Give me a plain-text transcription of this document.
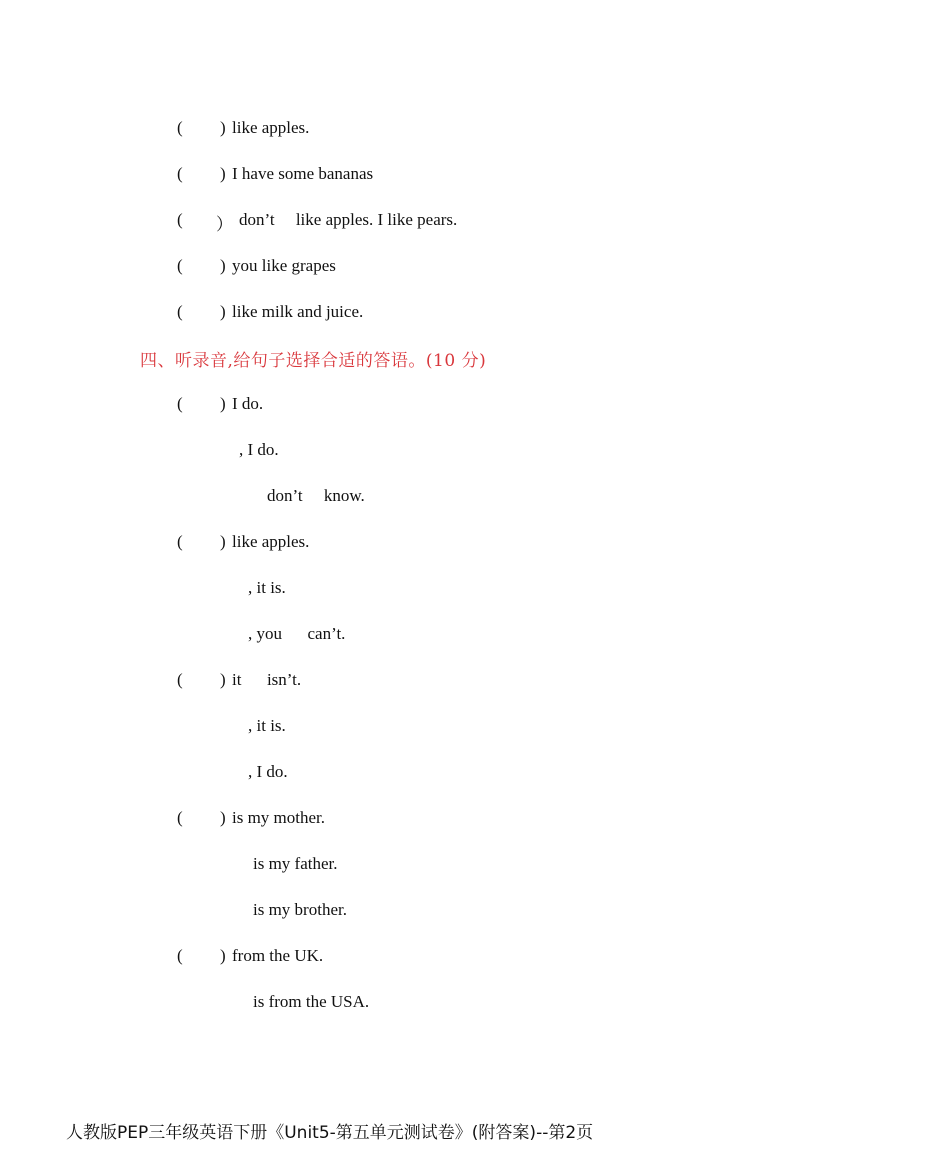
( ) like apples.
( ) I have some bananas
( ） don’t     like apples. I like pears.
( ) you like grapes
( ) like milk and juice.
四、听录音,给句子选择合适的答语。(10 分)
( ) I do.
, I do.
don’t     know.
( ) like apples.
, it is.
, you      can’t.
( ) it      isn’t.
, it is.
, I do.
( ) is my mother.
is my father.
is my brother.
( ) from the UK.
is from the USA.
人教版PEP三年级英语下册《Unit5-第五单元测试卷》(附答案)--第2页
